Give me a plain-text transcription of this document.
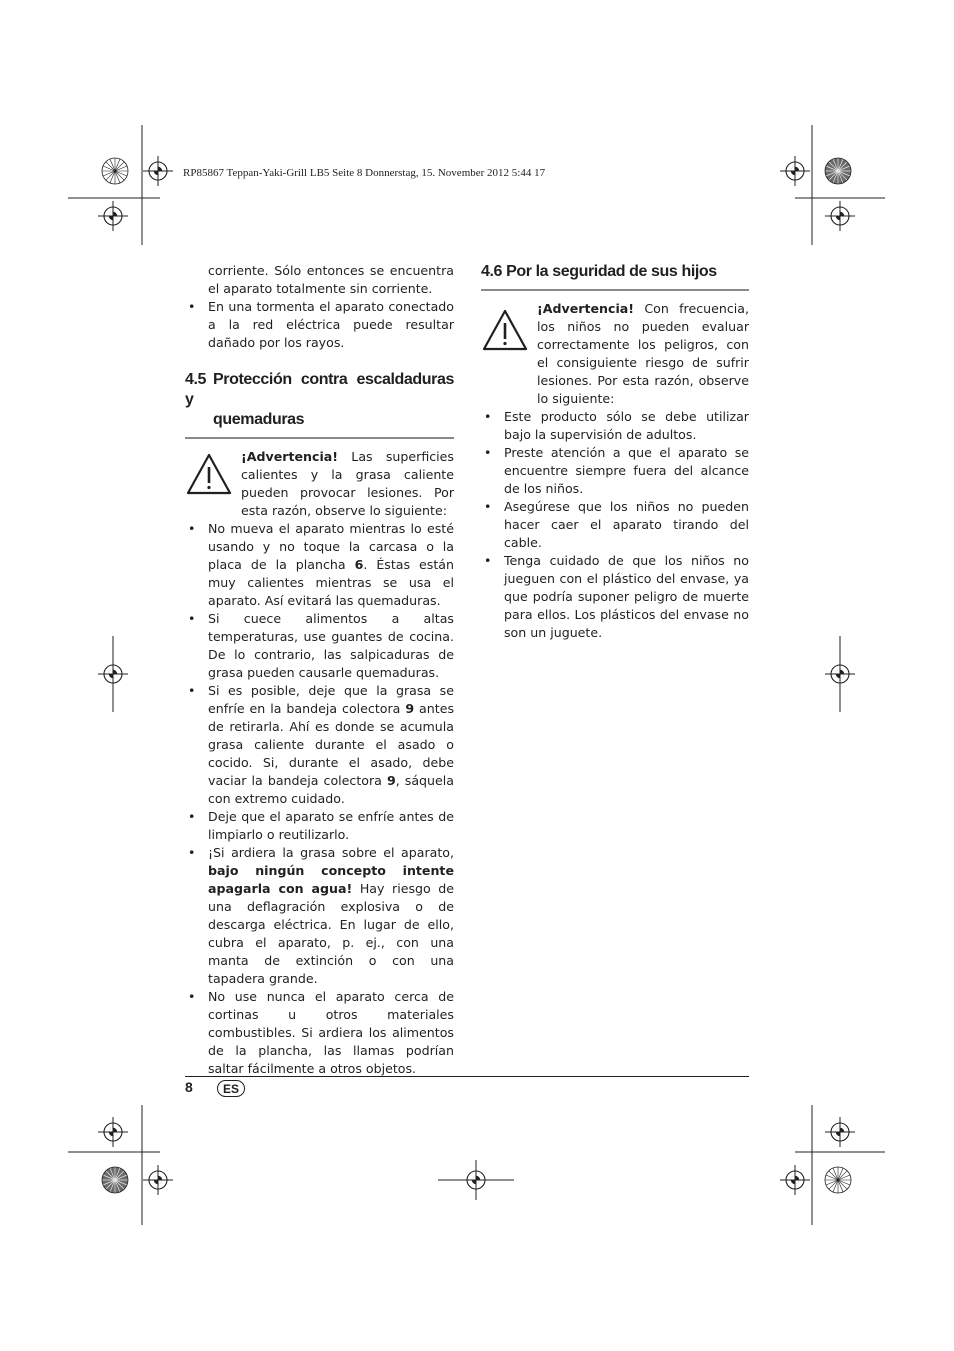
RP85867 Teppan-Yaki-Grill LB5 Seite 8 Donnerstag, 15. November 2012 5:44 17

corriente. Sólo entonces se encuentra el aparato totalmente sin corriente.

• En una tormenta el aparato conectado a la red eléctrica puede resultar dañado por los rayos.
4.5 Protección contra escaldaduras y
quemaduras

¡Advertencia! Las superficies calientes y la grasa caliente pueden provocar lesiones. Por esta razón, observe lo siguiente:

• No mueva el aparato mientras lo esté usando y no toque la carcasa o la placa de la plancha 6. Éstas están muy calientes mientras se usa el aparato. Así evitará las quemaduras.
• Si cuece alimentos a altas temperaturas, use guantes de cocina. De lo contrario, las salpicaduras de grasa pueden causarle quemaduras.
• Si es posible, deje que la grasa se enfríe en la bandeja colectora 9 antes de retirarla. Ahí es donde se acumula grasa caliente durante el asado o cocido. Si, durante el asado, debe vaciar la bandeja colectora 9, sáquela con extremo cuidado.
• Deje que el aparato se enfríe antes de limpiarlo o reutilizarlo.
• ¡Si ardiera la grasa sobre el aparato, bajo ningún concepto intente apagarla con agua! Hay riesgo de una deflagración explosiva o de descarga eléctrica. En lugar de ello, cubra el aparato, p. ej., con una manta de extinción o con una tapadera grande.
• No use nunca el aparato cerca de cortinas u otros materiales combustibles. Si ardiera los alimentos de la plancha, las llamas podrían saltar fácilmente a otros objetos.
4.6 Por la seguridad de sus hijos

¡Advertencia! Con frecuencia, los niños no pueden evaluar correctamente los peligros, con el consiguiente riesgo de sufrir lesiones. Por esta razón, observe lo siguiente:

• Este producto sólo se debe utilizar bajo la supervisión de adultos.
• Preste atención a que el aparato se encuentre siempre fuera del alcance de los niños.
• Asegúrese que los niños no pueden hacer caer el aparato tirando del cable.
• Tenga cuidado de que los niños no jueguen con el plástico del envase, ya que podría suponer peligro de muerte para ellos. Los plásticos del envase no son un juguete.
8	ES
